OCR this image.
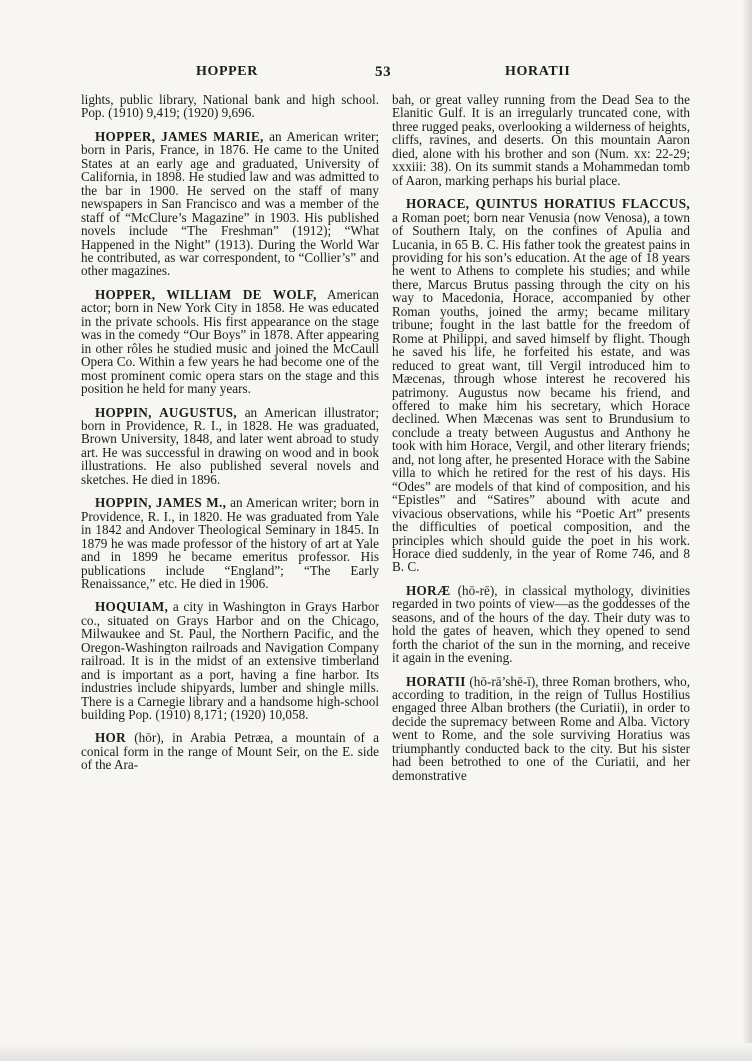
HOPPER	53	HORATII

lights, public library, National bank and high school. Pop. (1910) 9,419; (1920) 9,696.

HOPPER, JAMES MARIE, an American writer; born in Paris, France, in 1876. He came to the United States at an early age and graduated, University of California, in 1898. He studied law and was admitted to the bar in 1900. He served on the staff of many newspapers in San Francisco and was a member of the staff of “McClure’s Magazine” in 1903. His published novels include “The Freshman” (1912); “What Happened in the Night” (1913). During the World War he contributed, as war correspondent, to “Collier’s” and other magazines.

HOPPER, WILLIAM DE WOLF, American actor; born in New York City in 1858. He was educated in the private schools. His first appearance on the stage was in the comedy “Our Boys” in 1878. After appearing in other rôles he studied music and joined the McCaull Opera Co. Within a few years he had become one of the most prominent comic opera stars on the stage and this position he held for many years.

HOPPIN, AUGUSTUS, an American illustrator; born in Providence, R. I., in 1828. He was graduated, Brown University, 1848, and later went abroad to study art. He was successful in drawing on wood and in book illustrations. He also published several novels and sketches. He died in 1896.

HOPPIN, JAMES M., an American writer; born in Providence, R. I., in 1820. He was graduated from Yale in 1842 and Andover Theological Seminary in 1845. In 1879 he was made professor of the history of art at Yale and in 1899 he became emeritus professor. His publications include “England”; “The Early Renaissance,” etc. He died in 1906.

HOQUIAM, a city in Washington in Grays Harbor co., situated on Grays Harbor and on the Chicago, Milwaukee and St. Paul, the Northern Pacific, and the Oregon-Washington railroads and Navigation Company railroad. It is in the midst of an extensive timberland and is important as a port, having a fine harbor. Its industries include shipyards, lumber and shingle mills. There is a Carnegie library and a handsome high-school building Pop. (1910) 8,171; (1920) 10,058.

HOR (hōr), in Arabia Petræa, a mountain of a conical form in the range of Mount Seir, on the E. side of the Ara-

bah, or great valley running from the Dead Sea to the Elanitic Gulf. It is an irregularly truncated cone, with three rugged peaks, overlooking a wilderness of heights, cliffs, ravines, and deserts. On this mountain Aaron died, alone with his brother and son (Num. xx: 22-29; xxxiii: 38). On its summit stands a Mohammedan tomb of Aaron, marking perhaps his burial place.

HORACE, QUINTUS HORATIUS FLACCUS, a Roman poet; born near Venusia (now Venosa), a town of Southern Italy, on the confines of Apulia and Lucania, in 65 B. C. His father took the greatest pains in providing for his son’s education. At the age of 18 years he went to Athens to complete his studies; and while there, Marcus Brutus passing through the city on his way to Macedonia, Horace, accompanied by other Roman youths, joined the army; became military tribune; fought in the last battle for the freedom of Rome at Philippi, and saved himself by flight. Though he saved his life, he forfeited his estate, and was reduced to great want, till Vergil introduced him to Mæcenas, through whose interest he recovered his patrimony. Augustus now became his friend, and offered to make him his secretary, which Horace declined. When Mæcenas was sent to Brundusium to conclude a treaty between Augustus and Anthony he took with him Horace, Vergil, and other literary friends; and, not long after, he presented Horace with the Sabine villa to which he retired for the rest of his days. His “Odes” are models of that kind of composition, and his “Epistles” and “Satires” abound with acute and vivacious observations, while his “Poetic Art” presents the difficulties of poetical composition, and the principles which should guide the poet in his work. Horace died suddenly, in the year of Rome 746, and 8 B. C.

HORÆ (hō-rē), in classical mythology, divinities regarded in two points of view—as the goddesses of the seasons, and of the hours of the day. Their duty was to hold the gates of heaven, which they opened to send forth the chariot of the sun in the morning, and receive it again in the evening.

HORATII (hō-rā’shē-ī), three Roman brothers, who, according to tradition, in the reign of Tullus Hostilius engaged three Alban brothers (the Curiatii), in order to decide the supremacy between Rome and Alba. Victory went to Rome, and the sole surviving Horatius was triumphantly conducted back to the city. But his sister had been betrothed to one of the Curiatii, and her demonstrative
